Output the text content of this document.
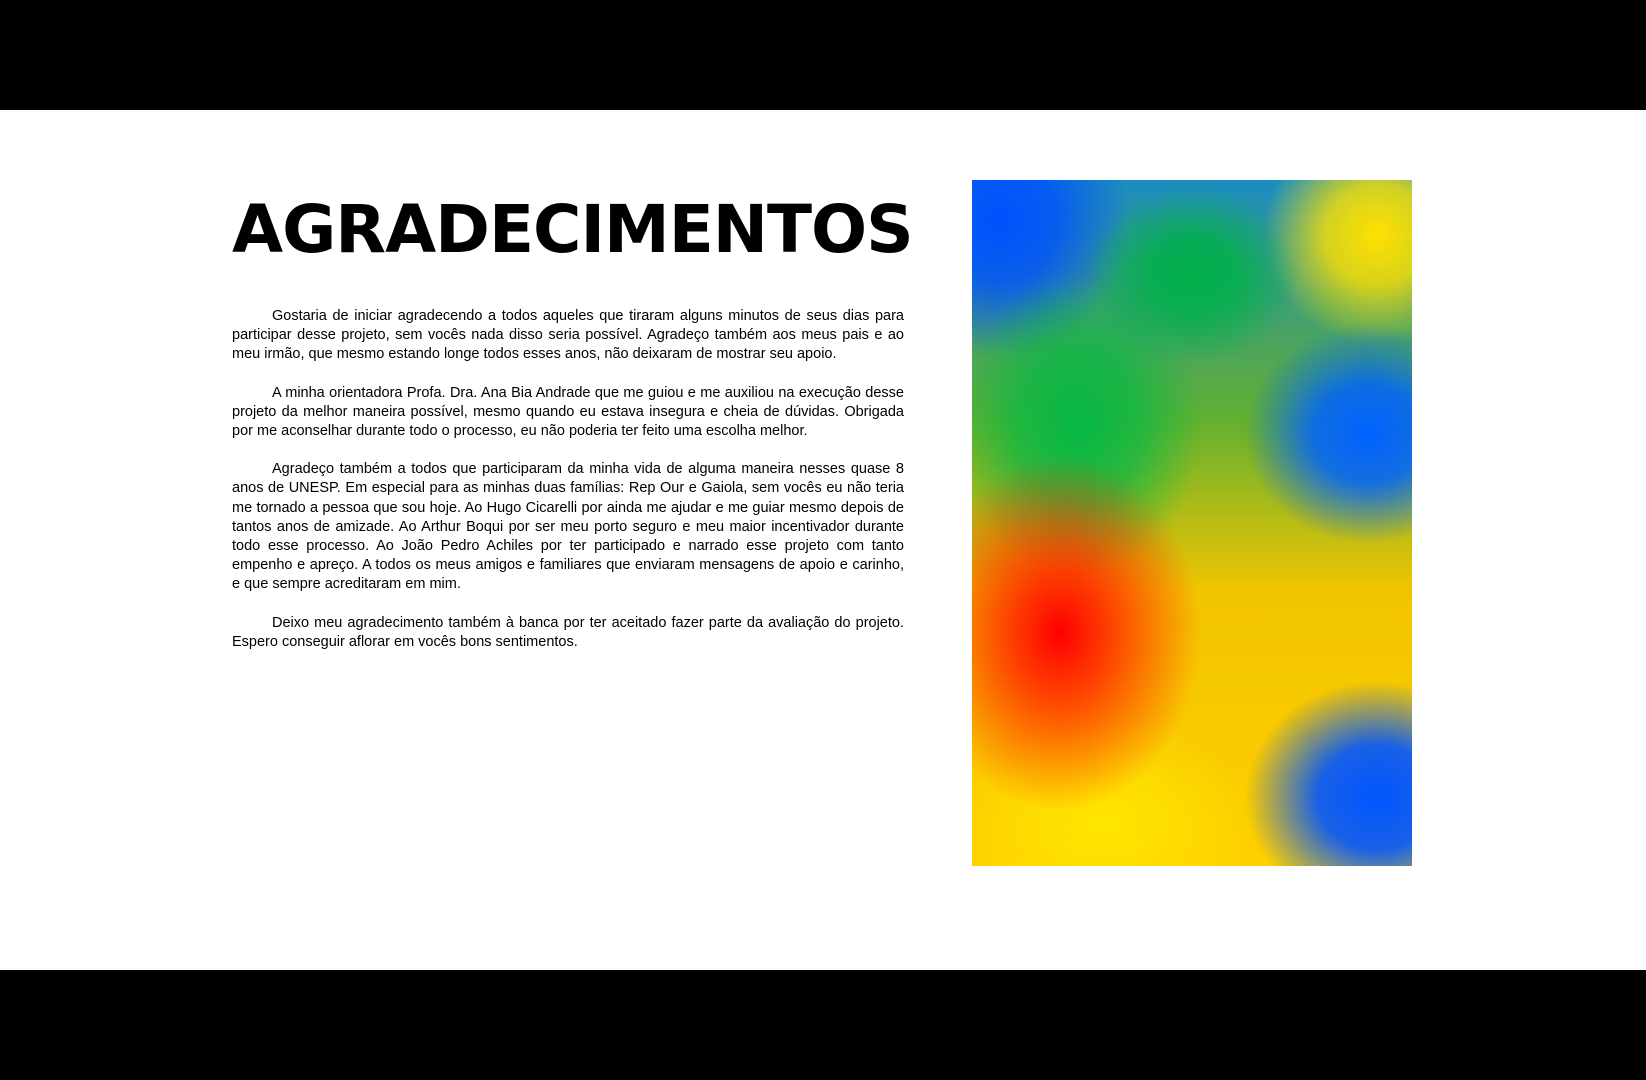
AGRADECIMENTOS

Gostaria de iniciar agradecendo a todos aqueles que tiraram alguns minutos de seus dias para participar desse projeto, sem vocês nada disso seria possível. Agradeço também aos meus pais e ao meu irmão, que mesmo estando longe todos esses anos, não deixaram de mostrar seu apoio.

A minha orientadora Profa. Dra. Ana Bia Andrade que me guiou e me auxiliou na execução desse projeto da melhor maneira possível, mesmo quando eu estava insegura e cheia de dúvidas. Obrigada por me aconselhar durante todo o processo, eu não poderia ter feito uma escolha melhor.

Agradeço também a todos que participaram da minha vida de alguma maneira nesses quase 8 anos de UNESP. Em especial para as minhas duas famílias: Rep Our e Gaiola, sem vocês eu não teria me tornado a pessoa que sou hoje. Ao Hugo Cicarelli por ainda me ajudar e me guiar mesmo depois de tantos anos de amizade. Ao Arthur Boqui por ser meu porto seguro e meu maior incentivador durante todo esse processo. Ao João Pedro Achiles por ter participado e narrado esse projeto com tanto empenho e apreço. A todos os meus amigos e familiares que enviaram mensagens de apoio e carinho, e que sempre acreditaram em mim.

Deixo meu agradecimento também à banca por ter aceitado fazer parte da avaliação do projeto. Espero conseguir aflorar em vocês bons sentimentos.
